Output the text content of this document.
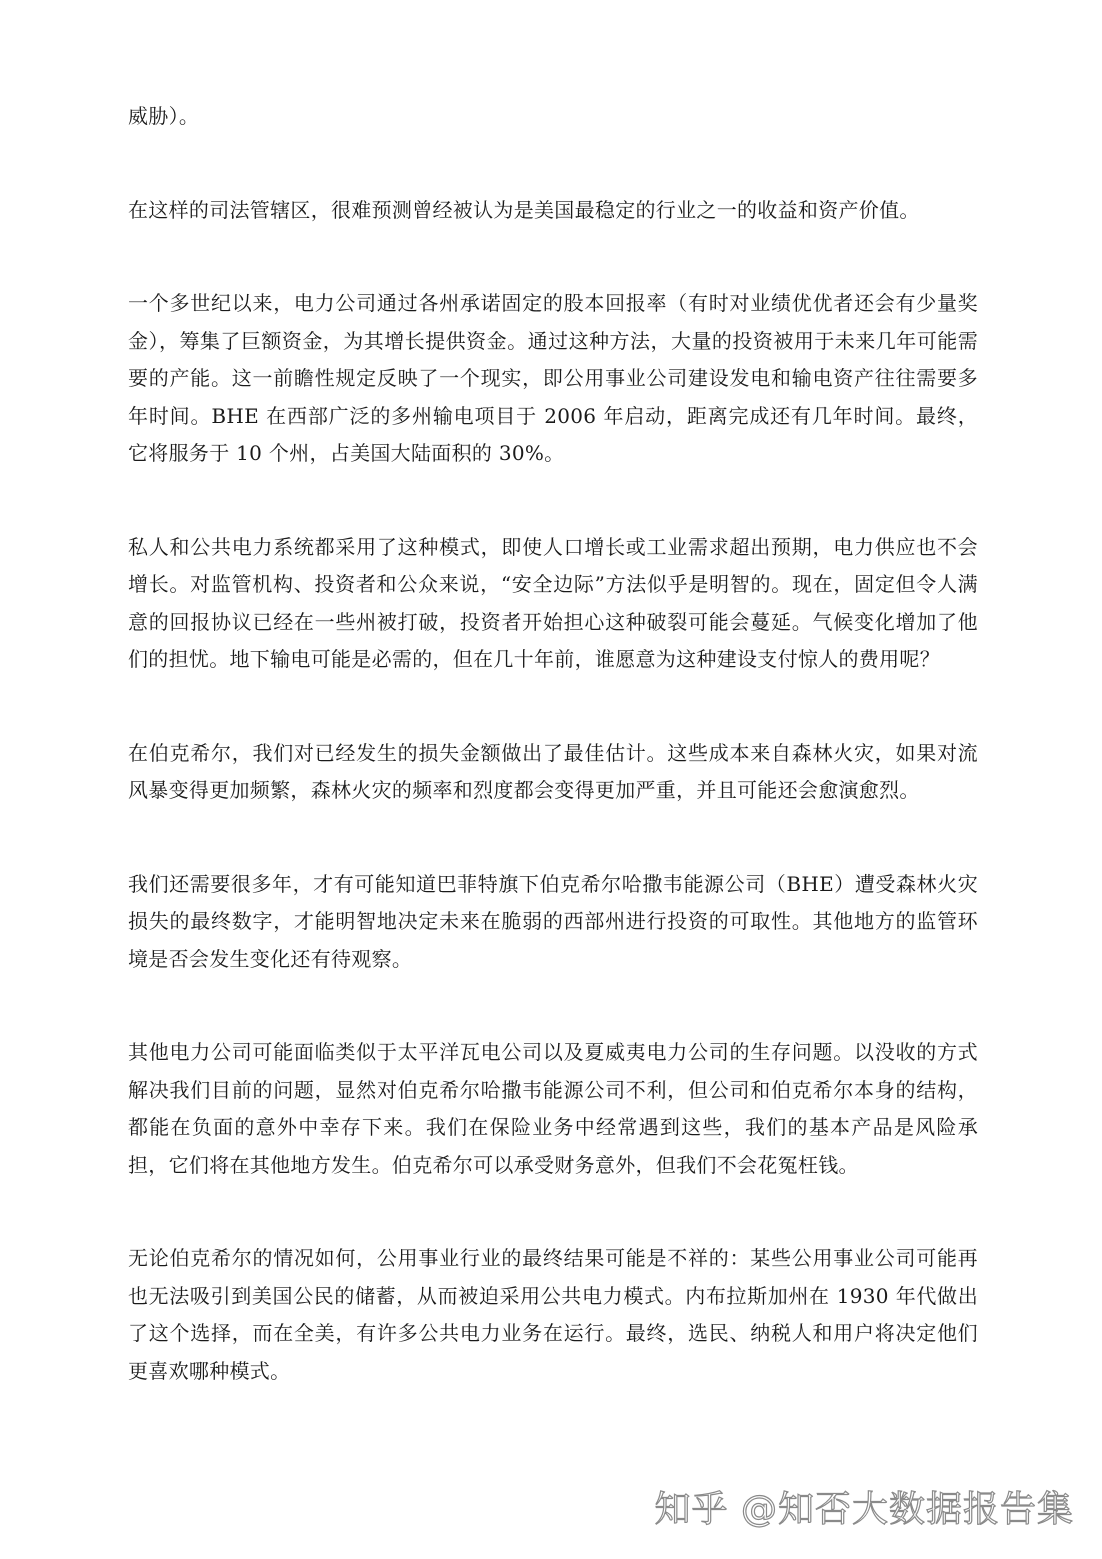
威胁）。

在这样的司法管辖区，很难预测曾经被认为是美国最稳定的行业之一的收益和资产价值。

一个多世纪以来，电力公司通过各州承诺固定的股本回报率（有时对业绩优优者还会有少量奖金），筹集了巨额资金，为其增长提供资金。通过这种方法，大量的投资被用于未来几年可能需要的产能。这一前瞻性规定反映了一个现实，即公用事业公司建设发电和输电资产往往需要多年时间。BHE 在西部广泛的多州输电项目于 2006 年启动，距离完成还有几年时间。最终，它将服务于 10 个州，占美国大陆面积的 30%。

私人和公共电力系统都采用了这种模式，即使人口增长或工业需求超出预期，电力供应也不会增长。对监管机构、投资者和公众来说，“安全边际”方法似乎是明智的。现在，固定但令人满意的回报协议已经在一些州被打破，投资者开始担心这种破裂可能会蔓延。气候变化增加了他们的担忧。地下输电可能是必需的，但在几十年前，谁愿意为这种建设支付惊人的费用呢？

在伯克希尔，我们对已经发生的损失金额做出了最佳估计。这些成本来自森林火灾，如果对流风暴变得更加频繁，森林火灾的频率和烈度都会变得更加严重，并且可能还会愈演愈烈。

我们还需要很多年，才有可能知道巴菲特旗下伯克希尔哈撒韦能源公司（BHE）遭受森林火灾损失的最终数字，才能明智地决定未来在脆弱的西部州进行投资的可取性。其他地方的监管环境是否会发生变化还有待观察。

其他电力公司可能面临类似于太平洋瓦电公司以及夏威夷电力公司的生存问题。以没收的方式解决我们目前的问题，显然对伯克希尔哈撒韦能源公司不利，但公司和伯克希尔本身的结构，都能在负面的意外中幸存下来。我们在保险业务中经常遇到这些，我们的基本产品是风险承担，它们将在其他地方发生。伯克希尔可以承受财务意外，但我们不会花冤枉钱。

无论伯克希尔的情况如何，公用事业行业的最终结果可能是不祥的：某些公用事业公司可能再也无法吸引到美国公民的储蓄，从而被迫采用公共电力模式。内布拉斯加州在 1930 年代做出了这个选择，而在全美，有许多公共电力业务在运行。最终，选民、纳税人和用户将决定他们更喜欢哪种模式。

知乎 @知否大数据报告集
